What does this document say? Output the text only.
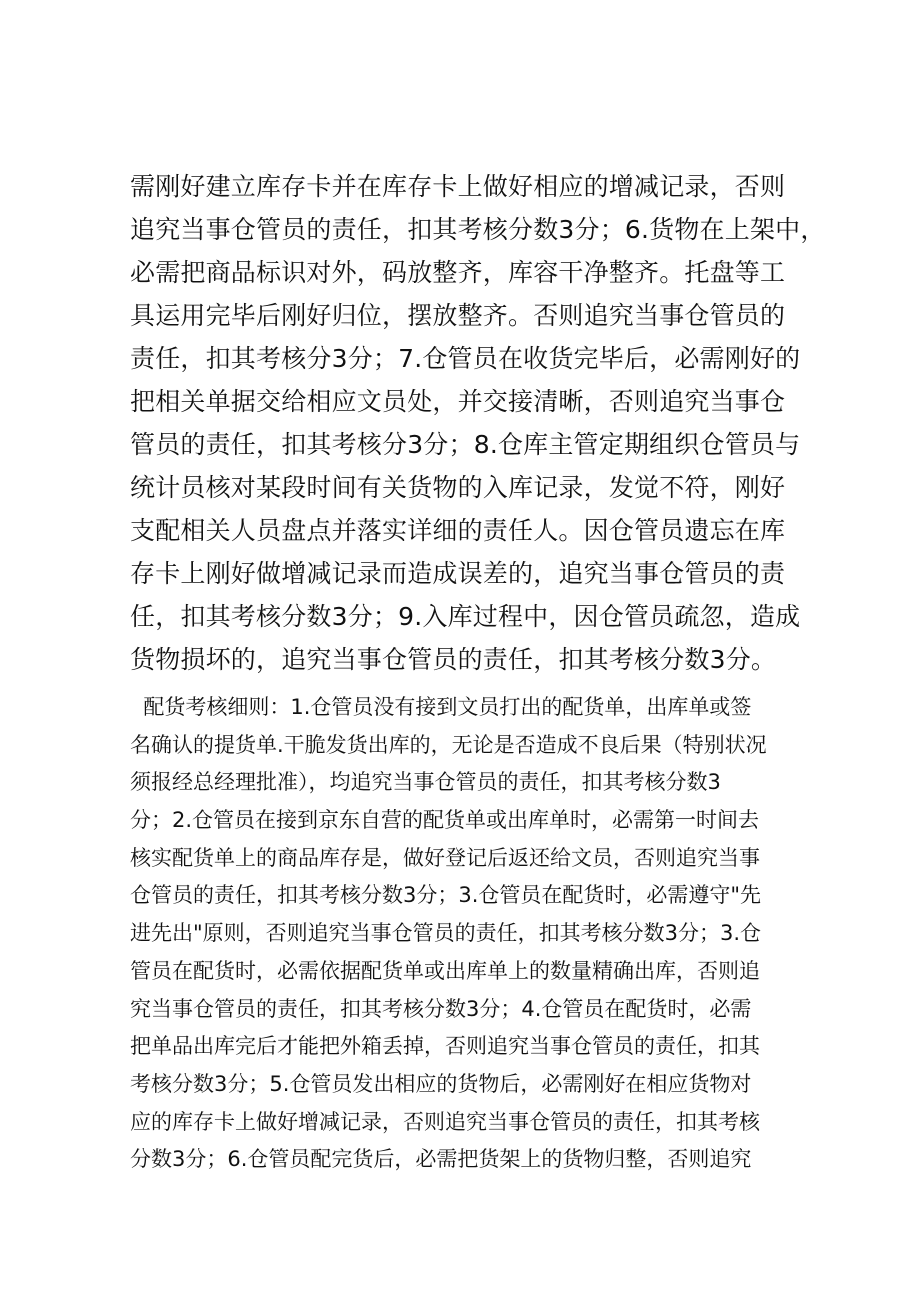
需刚好建立库存卡并在库存卡上做好相应的增减记录，否则
追究当事仓管员的责任，扣其考核分数3分；6.货物在上架中，
必需把商品标识对外，码放整齐，库容干净整齐。托盘等工
具运用完毕后刚好归位，摆放整齐。否则追究当事仓管员的
责任，扣其考核分3分；7.仓管员在收货完毕后，必需刚好的
把相关单据交给相应文员处，并交接清晰，否则追究当事仓
管员的责任，扣其考核分3分；8.仓库主管定期组织仓管员与
统计员核对某段时间有关货物的入库记录，发觉不符，刚好
支配相关人员盘点并落实详细的责任人。因仓管员遗忘在库
存卡上刚好做增减记录而造成误差的，追究当事仓管员的责
任，扣其考核分数3分；9.入库过程中，因仓管员疏忽，造成
货物损坏的，追究当事仓管员的责任，扣其考核分数3分。
配货考核细则：1.仓管员没有接到文员打出的配货单，出库单或签
名确认的提货单.干脆发货出库的，无论是否造成不良后果（特别状况
须报经总经理批准），均追究当事仓管员的责任，扣其考核分数3
分；2.仓管员在接到京东自营的配货单或出库单时，必需第一时间去
核实配货单上的商品库存是，做好登记后返还给文员，否则追究当事
仓管员的责任，扣其考核分数3分；3.仓管员在配货时，必需遵守"先
进先出"原则，否则追究当事仓管员的责任，扣其考核分数3分；3.仓
管员在配货时，必需依据配货单或出库单上的数量精确出库，否则追
究当事仓管员的责任，扣其考核分数3分；4.仓管员在配货时，必需
把单品出库完后才能把外箱丢掉，否则追究当事仓管员的责任，扣其
考核分数3分；5.仓管员发出相应的货物后，必需刚好在相应货物对
应的库存卡上做好增减记录，否则追究当事仓管员的责任，扣其考核
分数3分；6.仓管员配完货后，必需把货架上的货物归整，否则追究
